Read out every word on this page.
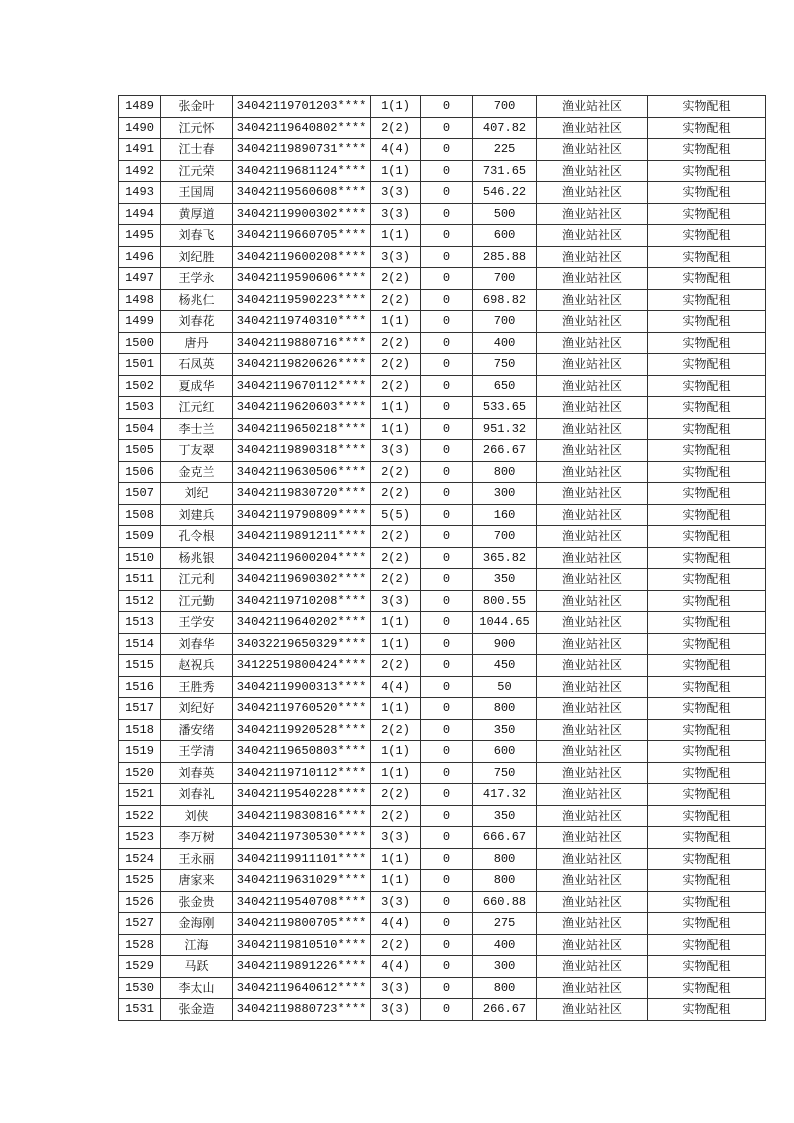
1489	张金叶	34042119701203****	1(1)	0	700	渔业站社区	实物配租
1490	江元怀	34042119640802****	2(2)	0	407.82	渔业站社区	实物配租
1491	江士春	34042119890731****	4(4)	0	225	渔业站社区	实物配租
1492	江元荣	34042119681124****	1(1)	0	731.65	渔业站社区	实物配租
1493	王国周	34042119560608****	3(3)	0	546.22	渔业站社区	实物配租
1494	黄厚道	34042119900302****	3(3)	0	500	渔业站社区	实物配租
1495	刘春飞	34042119660705****	1(1)	0	600	渔业站社区	实物配租
1496	刘纪胜	34042119600208****	3(3)	0	285.88	渔业站社区	实物配租
1497	王学永	34042119590606****	2(2)	0	700	渔业站社区	实物配租
1498	杨兆仁	34042119590223****	2(2)	0	698.82	渔业站社区	实物配租
1499	刘春花	34042119740310****	1(1)	0	700	渔业站社区	实物配租
1500	唐丹	34042119880716****	2(2)	0	400	渔业站社区	实物配租
1501	石凤英	34042119820626****	2(2)	0	750	渔业站社区	实物配租
1502	夏成华	34042119670112****	2(2)	0	650	渔业站社区	实物配租
1503	江元红	34042119620603****	1(1)	0	533.65	渔业站社区	实物配租
1504	李士兰	34042119650218****	1(1)	0	951.32	渔业站社区	实物配租
1505	丁友翠	34042119890318****	3(3)	0	266.67	渔业站社区	实物配租
1506	金克兰	34042119630506****	2(2)	0	800	渔业站社区	实物配租
1507	刘纪	34042119830720****	2(2)	0	300	渔业站社区	实物配租
1508	刘建兵	34042119790809****	5(5)	0	160	渔业站社区	实物配租
1509	孔令根	34042119891211****	2(2)	0	700	渔业站社区	实物配租
1510	杨兆银	34042119600204****	2(2)	0	365.82	渔业站社区	实物配租
1511	江元利	34042119690302****	2(2)	0	350	渔业站社区	实物配租
1512	江元勤	34042119710208****	3(3)	0	800.55	渔业站社区	实物配租
1513	王学安	34042119640202****	1(1)	0	1044.65	渔业站社区	实物配租
1514	刘春华	34032219650329****	1(1)	0	900	渔业站社区	实物配租
1515	赵祝兵	34122519800424****	2(2)	0	450	渔业站社区	实物配租
1516	王胜秀	34042119900313****	4(4)	0	50	渔业站社区	实物配租
1517	刘纪好	34042119760520****	1(1)	0	800	渔业站社区	实物配租
1518	潘安绪	34042119920528****	2(2)	0	350	渔业站社区	实物配租
1519	王学清	34042119650803****	1(1)	0	600	渔业站社区	实物配租
1520	刘春英	34042119710112****	1(1)	0	750	渔业站社区	实物配租
1521	刘春礼	34042119540228****	2(2)	0	417.32	渔业站社区	实物配租
1522	刘侠	34042119830816****	2(2)	0	350	渔业站社区	实物配租
1523	李万树	34042119730530****	3(3)	0	666.67	渔业站社区	实物配租
1524	王永丽	34042119911101****	1(1)	0	800	渔业站社区	实物配租
1525	唐家来	34042119631029****	1(1)	0	800	渔业站社区	实物配租
1526	张金贵	34042119540708****	3(3)	0	660.88	渔业站社区	实物配租
1527	金海刚	34042119800705****	4(4)	0	275	渔业站社区	实物配租
1528	江海	34042119810510****	2(2)	0	400	渔业站社区	实物配租
1529	马跃	34042119891226****	4(4)	0	300	渔业站社区	实物配租
1530	李太山	34042119640612****	3(3)	0	800	渔业站社区	实物配租
1531	张金造	34042119880723****	3(3)	0	266.67	渔业站社区	实物配租
